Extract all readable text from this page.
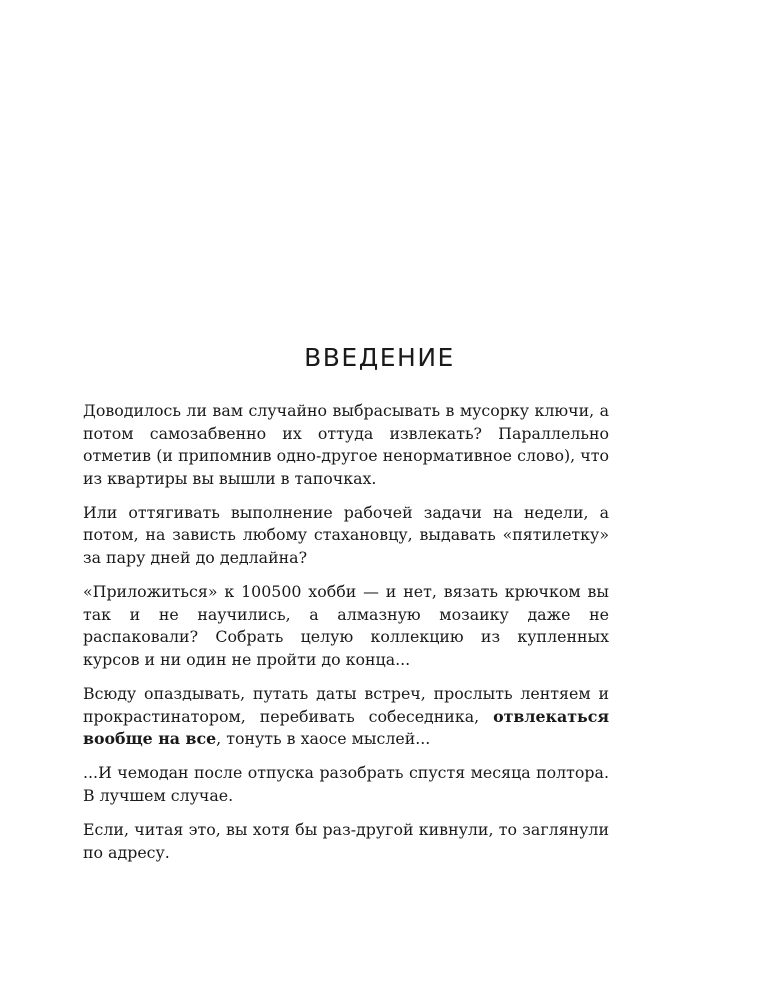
ВВЕДЕНИЕ

Доводилось ли вам случайно выбрасывать в мусорку ключи, а потом самозабвенно их оттуда извлекать? Параллельно отметив (и припомнив одно-другое ненормативное слово), что из квартиры вы вышли в тапочках.

Или оттягивать выполнение рабочей задачи на недели, а потом, на зависть любому стахановцу, выдавать «пятилетку» за пару дней до дедлайна?

«Приложиться» к 100500 хобби — и нет, вязать крючком вы так и не научились, а алмазную мозаику даже не распаковали? Собрать целую коллекцию из купленных курсов и ни один не пройти до конца...

Всюду опаздывать, путать даты встреч, прослыть лентяем и прокрастинатором, перебивать собеседника, отвлекаться вообще на все, тонуть в хаосе мыслей...

...И чемодан после отпуска разобрать спустя месяца полтора. В лучшем случае.

Если, читая это, вы хотя бы раз-другой кивнули, то заглянули по адресу.
